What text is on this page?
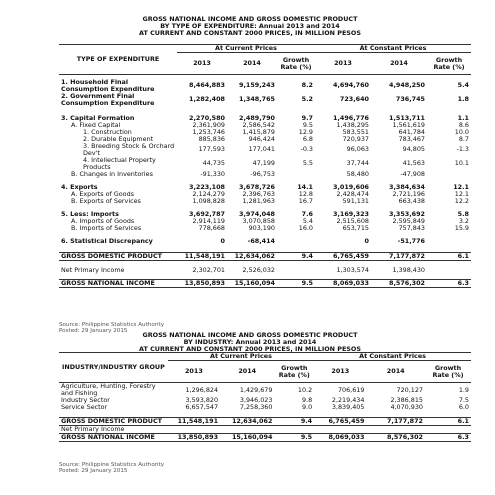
GROSS NATIONAL INCOME AND GROSS DOMESTIC PRODUCT
BY TYPE OF EXPENDITURE: Annual 2013 and 2014
AT CURRENT AND CONSTANT 2000 PRICES, IN MILLION PESOS
TYPE OF EXPENDITURE	At Current Prices			At Constant Prices		
	2013	2014	Growth Rate (%)	2013	2014	Growth Rate (%)

1. Household Final Consumption Expenditure	8,464,883	9,159,243	8.2	4,694,760	4,948,250	5.4
2. Government Final Consumption Expenditure	1,282,408	1,348,765	5.2	723,640	736,745	1.8

3. Capital Formation	2,270,580	2,489,790	9.7	1,496,776	1,513,711	1.1
A. Fixed Capital	2,361,909	2,586,542	9.5	1,438,295	1,561,619	8.6
1. Construction	1,253,746	1,415,879	12.9	583,551	641,784	10.0
2. Durable Equipment	885,836	946,424	6.8	720,937	783,467	8.7
3. Breeding Stock & Orchard Dev't	177,593	177,041	-0.3	96,063	94,805	-1.3
4. Intellectual Property Products	44,735	47,199	5.5	37,744	41,563	10.1
B. Changes in Inventories	-91,330	-96,753		58,480	-47,908	

4. Exports	3,223,108	3,678,726	14.1	3,019,606	3,384,634	12.1
A. Exports of Goods	2,124,279	2,396,763	12.8	2,428,474	2,721,196	12.1
B. Exports of Services	1,098,828	1,281,963	16.7	591,131	663,438	12.2

5. Less: Imports	3,692,787	3,974,048	7.6	3,169,323	3,353,692	5.8
A. Imports of Goods	2,914,119	3,070,858	5.4	2,515,608	2,595,849	3.2
B. Imports of Services	778,668	903,190	16.0	653,715	757,843	15.9

6. Statistical Discrepancy	0	-68,414		0	-51,776	

GROSS DOMESTIC PRODUCT	11,548,191	12,634,062	9.4	6,765,459	7,177,872	6.1

Net Primary Income	2,302,701	2,526,032		1,303,574	1,398,430	

GROSS NATIONAL INCOME	13,850,893	15,160,094	9.5	8,069,033	8,576,302	6.3
Source: Philippine Statistics Authority
Posted: 29 January 2015	GROSS NATIONAL INCOME AND GROSS DOMESTIC PRODUCT
BY INDUSTRY: Annual 2013 and 2014
AT CURRENT AND CONSTANT 2000 PRICES, IN MILLION PESOS
INDUSTRY/INDUSTRY GROUP	At Current Prices			At Constant Prices		
	2013	2014	Growth Rate (%)	2013	2014	Growth Rate (%)
Agriculture, Hunting, Forestry and Fishing	1,296,824	1,429,679	10.2	706,619	720,127	1.9
Industry Sector	3,593,820	3,946,023	9.8	2,219,434	2,386,815	7.5
Service Sector	6,657,547	7,258,360	9.0	3,839,405	4,070,930	6.0

GROSS DOMESTIC PRODUCT	11,548,191	12,634,062	9.4	6,765,459	7,177,872	6.1
Net Primary Income						
GROSS NATIONAL INCOME	13,850,893	15,160,094	9.5	8,069,033	8,576,302	6.3
Source: Philippine Statistics Authority
Posted: 29 January 2015
